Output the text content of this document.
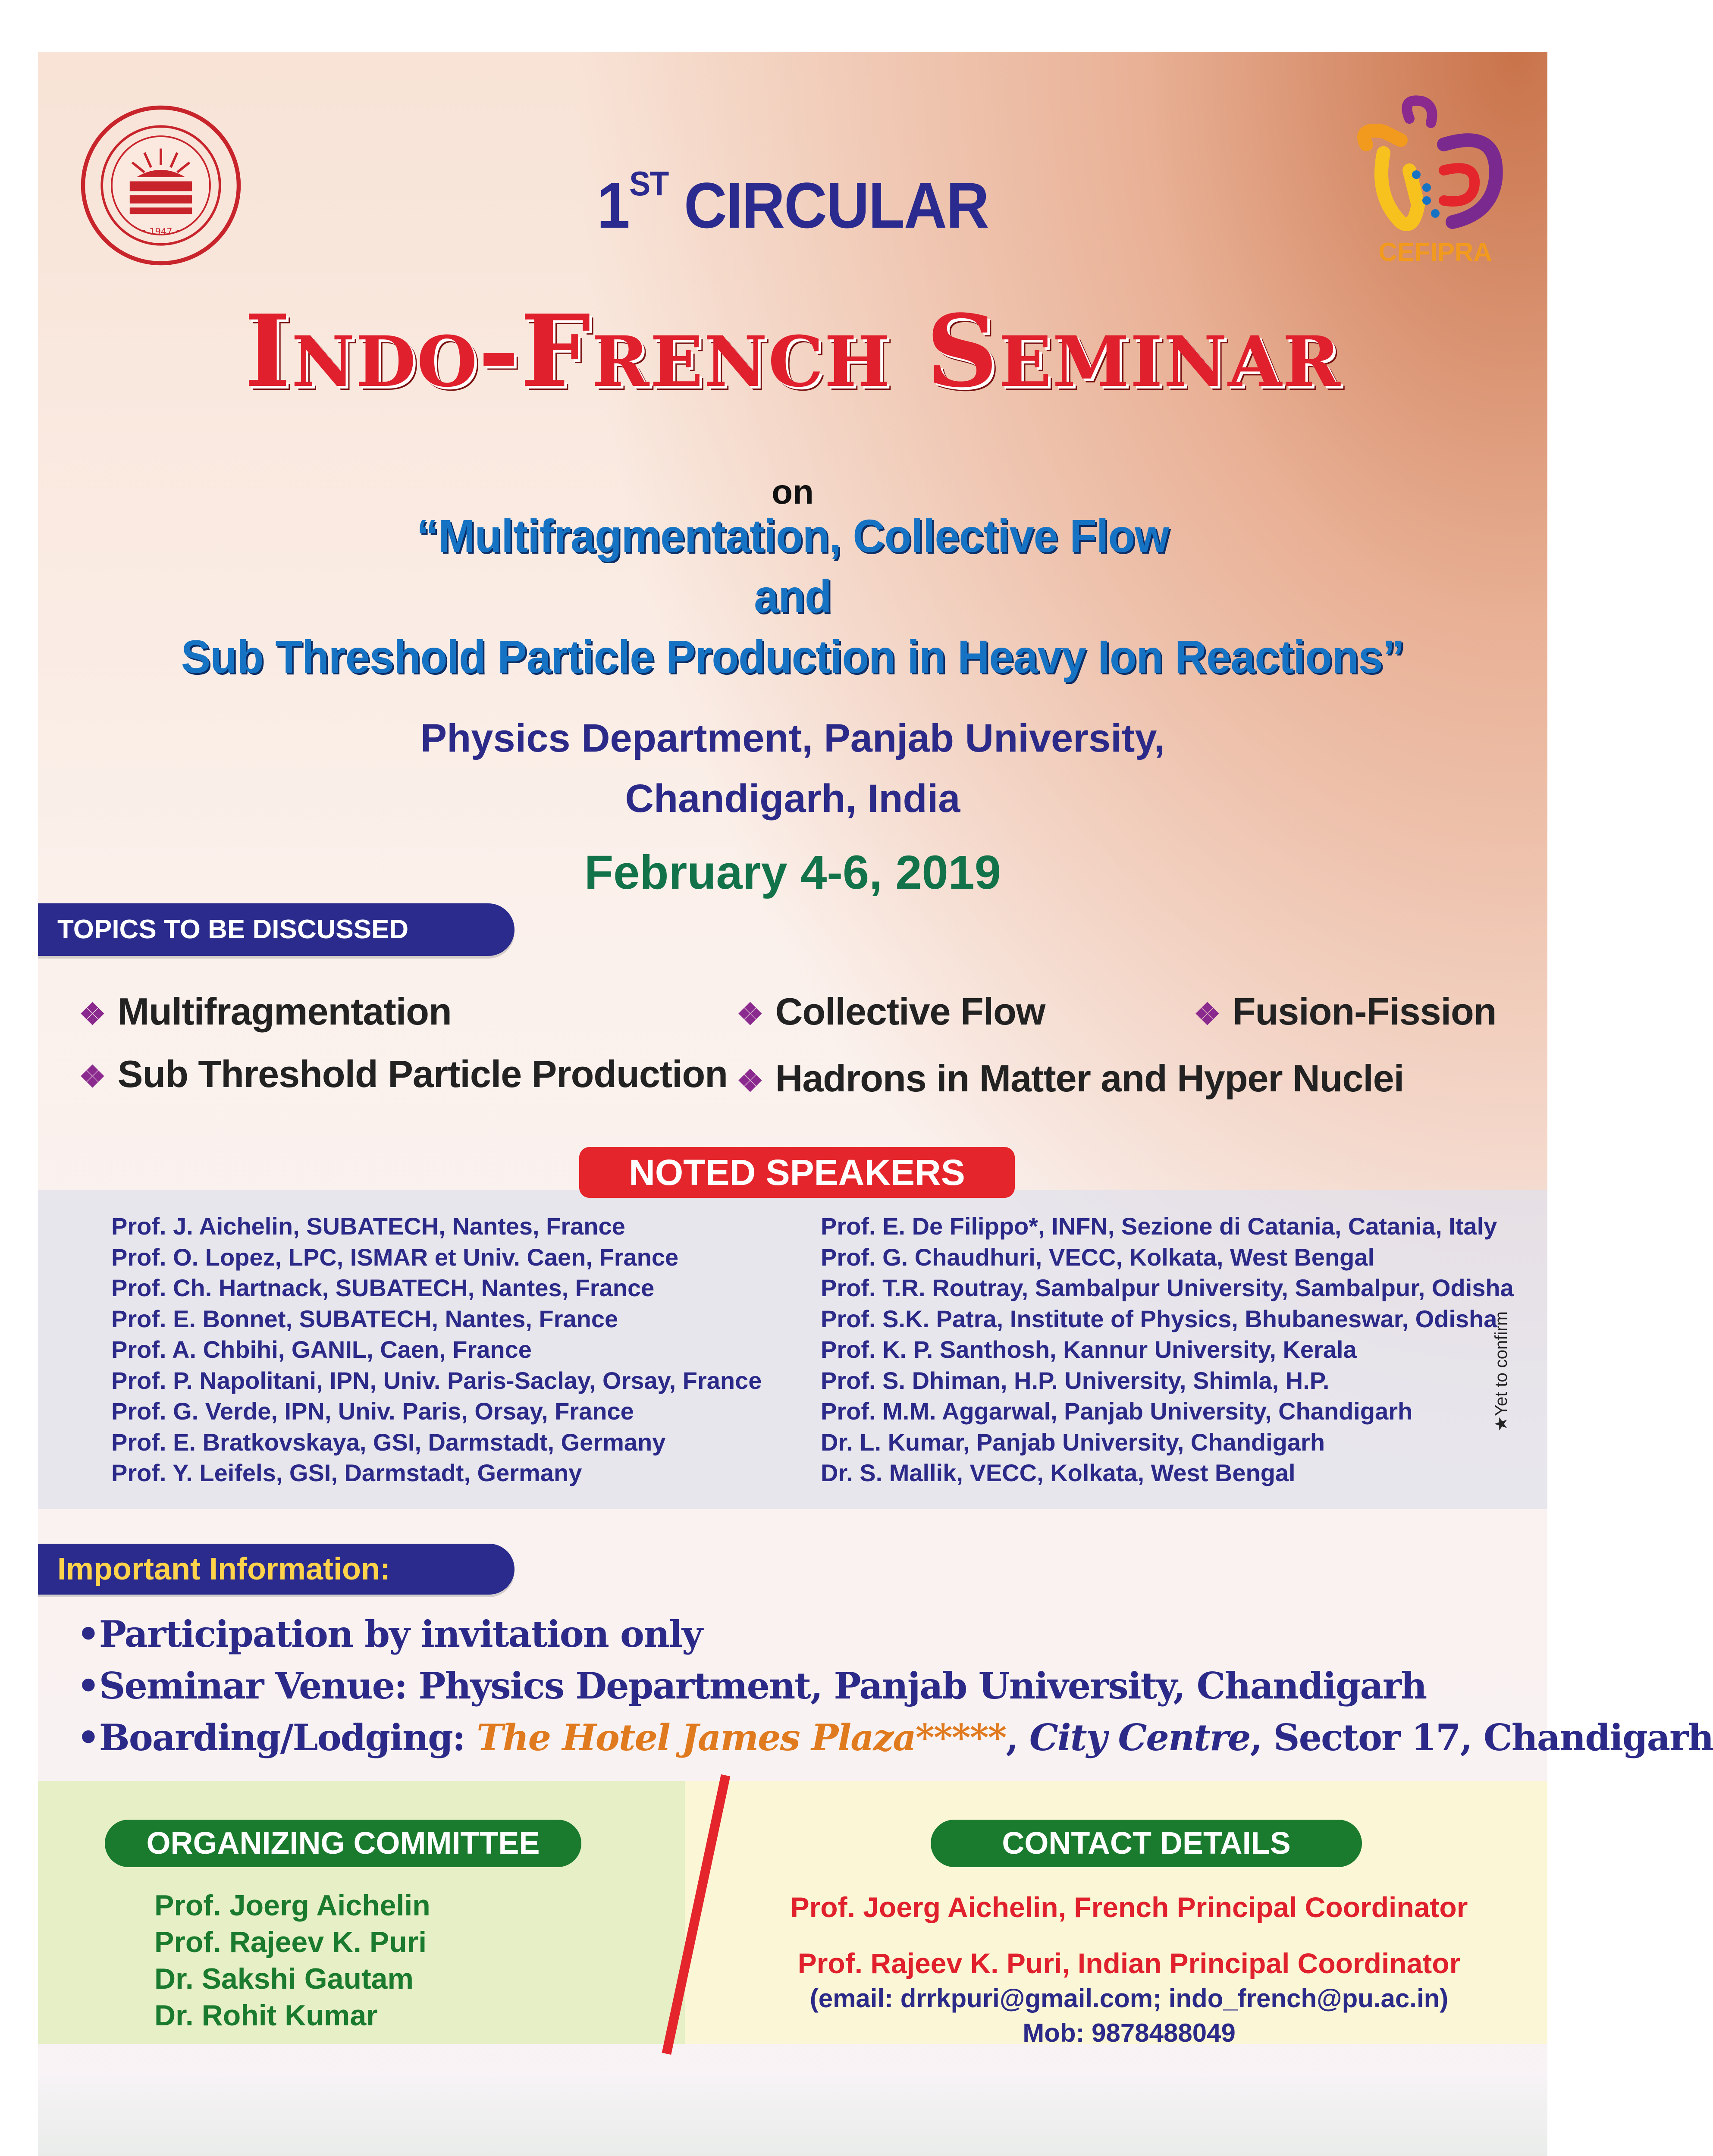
• 1947 •
CEFIPRA
1ST CIRCULAR
Indo-French Seminar
on
“Multifragmentation, Collective Flow
and
Sub Threshold Particle Production in Heavy Ion Reactions”
Physics Department, Panjab University,
Chandigarh, India
February 4-6, 2019
TOPICS TO BE DISCUSSED
❖ Multifragmentation	❖ Collective Flow	❖ Fusion-Fission
❖ Sub Threshold Particle Production ❖ Hadrons in Matter and Hyper Nuclei
NOTED SPEAKERS
Prof. J. Aichelin, SUBATECH, Nantes, France
Prof. O. Lopez, LPC, ISMAR et Univ. Caen, France
Prof. Ch. Hartnack, SUBATECH, Nantes, France
Prof. E. Bonnet, SUBATECH, Nantes, France
Prof. A. Chbihi, GANIL, Caen, France
Prof. P. Napolitani, IPN, Univ. Paris-Saclay, Orsay, France
Prof. G. Verde, IPN, Univ. Paris, Orsay, France
Prof. E. Bratkovskaya, GSI, Darmstadt, Germany
Prof. Y. Leifels, GSI, Darmstadt, Germany
Prof. E. De Filippo*, INFN, Sezione di Catania, Catania, Italy
Prof. G. Chaudhuri, VECC, Kolkata, West Bengal
Prof. T.R. Routray, Sambalpur University, Sambalpur, Odisha
Prof. S.K. Patra, Institute of Physics, Bhubaneswar, Odisha
Prof. K. P. Santhosh, Kannur University, Kerala
Prof. S. Dhiman, H.P. University, Shimla, H.P.
Prof. M.M. Aggarwal, Panjab University, Chandigarh
Dr. L. Kumar, Panjab University, Chandigarh
Dr. S. Mallik, VECC, Kolkata, West Bengal
★Yet to confirm
Important Information:
•Participation by invitation only
•Seminar Venue: Physics Department, Panjab University, Chandigarh
•Boarding/Lodging: The Hotel James Plaza*****, City Centre, Sector 17, Chandigarh
ORGANIZING COMMITTEE
Prof. Joerg Aichelin
Prof. Rajeev K. Puri
Dr. Sakshi Gautam
Dr. Rohit Kumar
CONTACT DETAILS
Prof. Joerg Aichelin, French Principal Coordinator
Prof. Rajeev K. Puri, Indian Principal Coordinator
(email: drrkpuri@gmail.com; indo_french@pu.ac.in)
Mob: 9878488049
